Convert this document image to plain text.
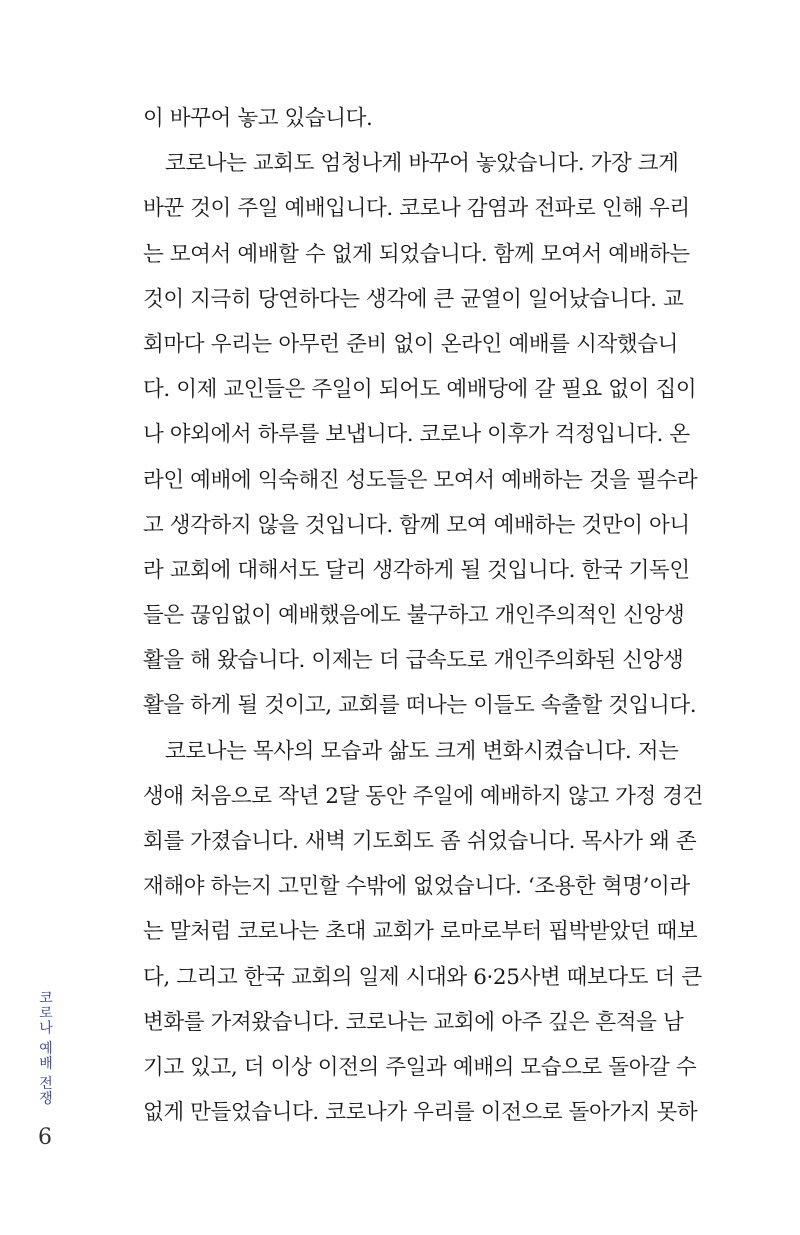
이 바꾸어 놓고 있습니다.
코로나는 교회도 엄청나게 바꾸어 놓았습니다. 가장 크게
바꾼 것이 주일 예배입니다. 코로나 감염과 전파로 인해 우리
는 모여서 예배할 수 없게 되었습니다. 함께 모여서 예배하는
것이 지극히 당연하다는 생각에 큰 균열이 일어났습니다. 교
회마다 우리는 아무런 준비 없이 온라인 예배를 시작했습니
다. 이제 교인들은 주일이 되어도 예배당에 갈 필요 없이 집이
나 야외에서 하루를 보냅니다. 코로나 이후가 걱정입니다. 온
라인 예배에 익숙해진 성도들은 모여서 예배하는 것을 필수라
고 생각하지 않을 것입니다. 함께 모여 예배하는 것만이 아니
라 교회에 대해서도 달리 생각하게 될 것입니다. 한국 기독인
들은 끊임없이 예배했음에도 불구하고 개인주의적인 신앙생
활을 해 왔습니다. 이제는 더 급속도로 개인주의화된 신앙생
활을 하게 될 것이고, 교회를 떠나는 이들도 속출할 것입니다.
코로나는 목사의 모습과 삶도 크게 변화시켰습니다. 저는
생애 처음으로 작년 2달 동안 주일에 예배하지 않고 가정 경건
회를 가졌습니다. 새벽 기도회도 좀 쉬었습니다. 목사가 왜 존
재해야 하는지 고민할 수밖에 없었습니다. ‘조용한 혁명’이라
는 말처럼 코로나는 초대 교회가 로마로부터 핍박받았던 때보
다, 그리고 한국 교회의 일제 시대와 6·25사변 때보다도 더 큰
변화를 가져왔습니다. 코로나는 교회에 아주 깊은 흔적을 남
기고 있고, 더 이상 이전의 주일과 예배의 모습으로 돌아갈 수
없게 만들었습니다. 코로나가 우리를 이전으로 돌아가지 못하
코로나 예배 전쟁
6
